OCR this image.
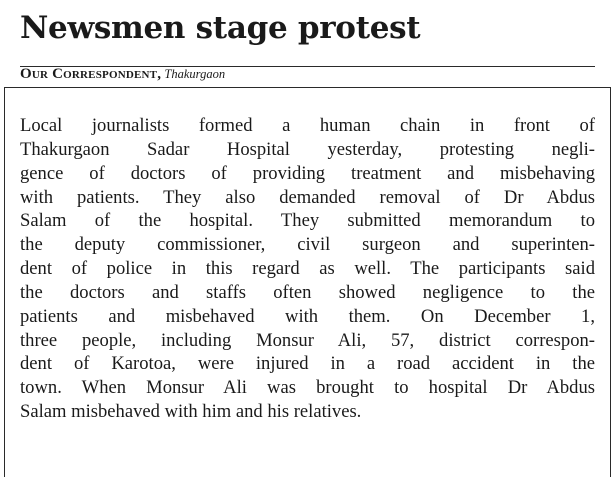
Newsmen stage protest

Our Correspondent, Thakurgaon

Local journalists formed a human chain in front of
Thakurgaon Sadar Hospital yesterday, protesting negli-
gence of doctors of providing treatment and misbehaving
with patients. They also demanded removal of Dr Abdus
Salam of the hospital. They submitted memorandum to
the deputy commissioner, civil surgeon and superinten-
dent of police in this regard as well. The participants said
the doctors and staffs often showed negligence to the
patients and misbehaved with them. On December 1,
three people, including Monsur Ali, 57, district correspon-
dent of Karotoa, were injured in a road accident in the
town. When Monsur Ali was brought to hospital Dr Abdus
Salam misbehaved with him and his relatives.
